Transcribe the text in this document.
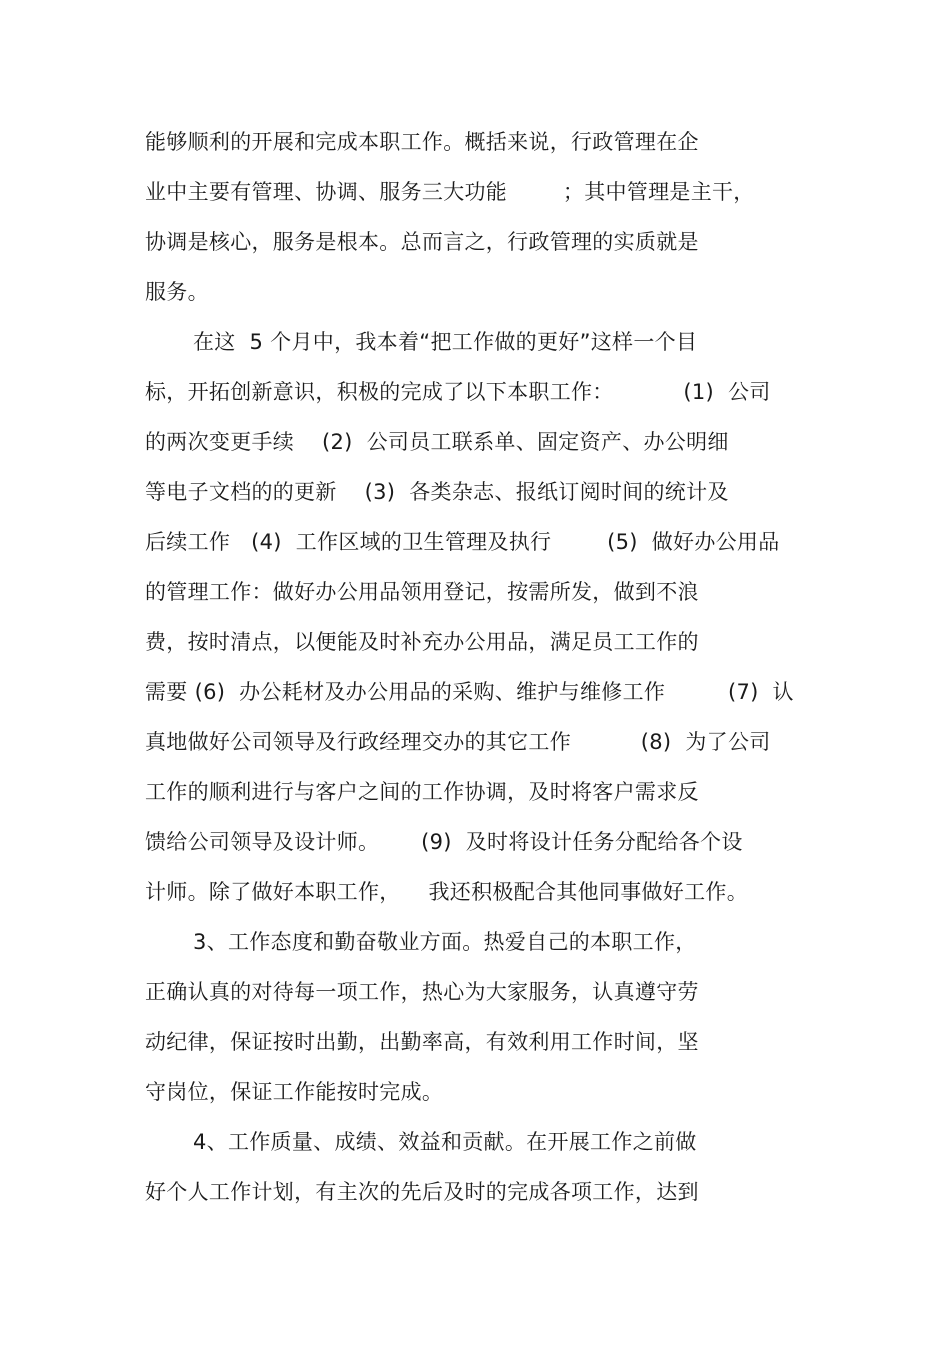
能够顺利的开展和完成本职工作。概括来说，行政管理在企
业中主要有管理、协调、服务三大功能        ；其中管理是主干，
协调是核心，服务是根本。总而言之，行政管理的实质就是
服务。
在这  5 个月中，我本着“把工作做的更好”这样一个目
标，开拓创新意识，积极的完成了以下本职工作：          (1)  公司
的两次变更手续    (2)  公司员工联系单、固定资产、办公明细
等电子文档的的更新    (3)  各类杂志、报纸订阅时间的统计及
后续工作   (4)  工作区域的卫生管理及执行        (5)  做好办公用品
的管理工作：做好办公用品领用登记，按需所发，做到不浪
费，按时清点，以便能及时补充办公用品，满足员工工作的
需要 (6)  办公耗材及办公用品的采购、维护与维修工作         (7)  认
真地做好公司领导及行政经理交办的其它工作          (8)  为了公司
工作的顺利进行与客户之间的工作协调，及时将客户需求反
馈给公司领导及设计师。      (9)  及时将设计任务分配给各个设
计师。除了做好本职工作，    我还积极配合其他同事做好工作。
3、工作态度和勤奋敬业方面。热爱自己的本职工作，
正确认真的对待每一项工作，热心为大家服务，认真遵守劳
动纪律，保证按时出勤，出勤率高，有效利用工作时间，坚
守岗位，保证工作能按时完成。
4、工作质量、成绩、效益和贡献。在开展工作之前做
好个人工作计划，有主次的先后及时的完成各项工作，达到
